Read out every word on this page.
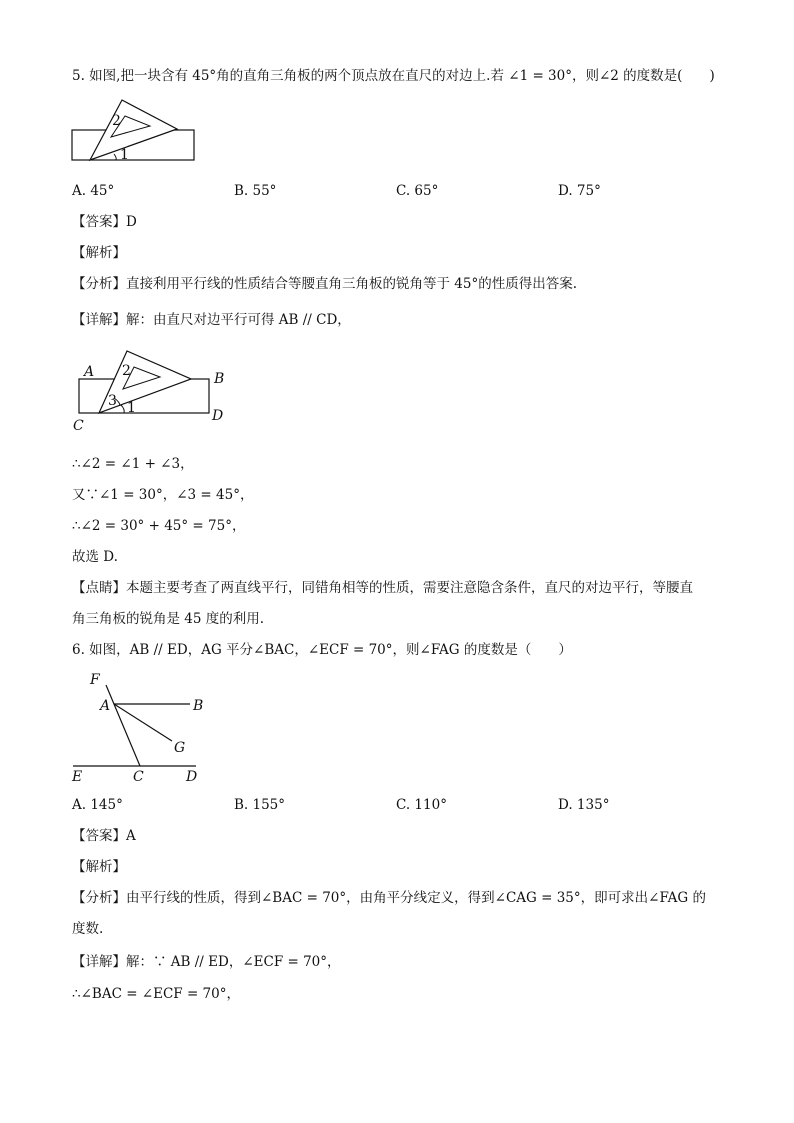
5. 如图,把一块含有 45°角的直角三角板的两个顶点放在直尺的对边上.若 ∠1 = 30°，则∠2 的度数是(　　)
1
2
A. 45°	B. 55°	C. 65°	D. 75°
【答案】D
【解析】
【分析】直接利用平行线的性质结合等腰直角三角板的锐角等于 45°的性质得出答案.
【详解】解：由直尺对边平行可得 AB // CD，
A	B
C
D
2
3 1
∴∠2 = ∠1 + ∠3，
又∵∠1 = 30°，∠3 = 45°，
∴∠2 = 30° + 45° = 75°，
故选 D.
【点睛】本题主要考查了两直线平行，同错角相等的性质，需要注意隐含条件，直尺的对边平行，等腰直
角三角板的锐角是 45 度的利用.
6. 如图，AB // ED，AG 平分∠BAC，∠ECF = 70°，则∠FAG 的度数是（　　）
F
A	B
G
E	C	D
A. 145°	B. 155°	C. 110°	D. 135°
【答案】A
【解析】
【分析】由平行线的性质，得到∠BAC = 70°，由角平分线定义，得到∠CAG = 35°，即可求出∠FAG 的
度数.
【详解】解：∵ AB // ED，∠ECF = 70°，
∴∠BAC = ∠ECF = 70°，
